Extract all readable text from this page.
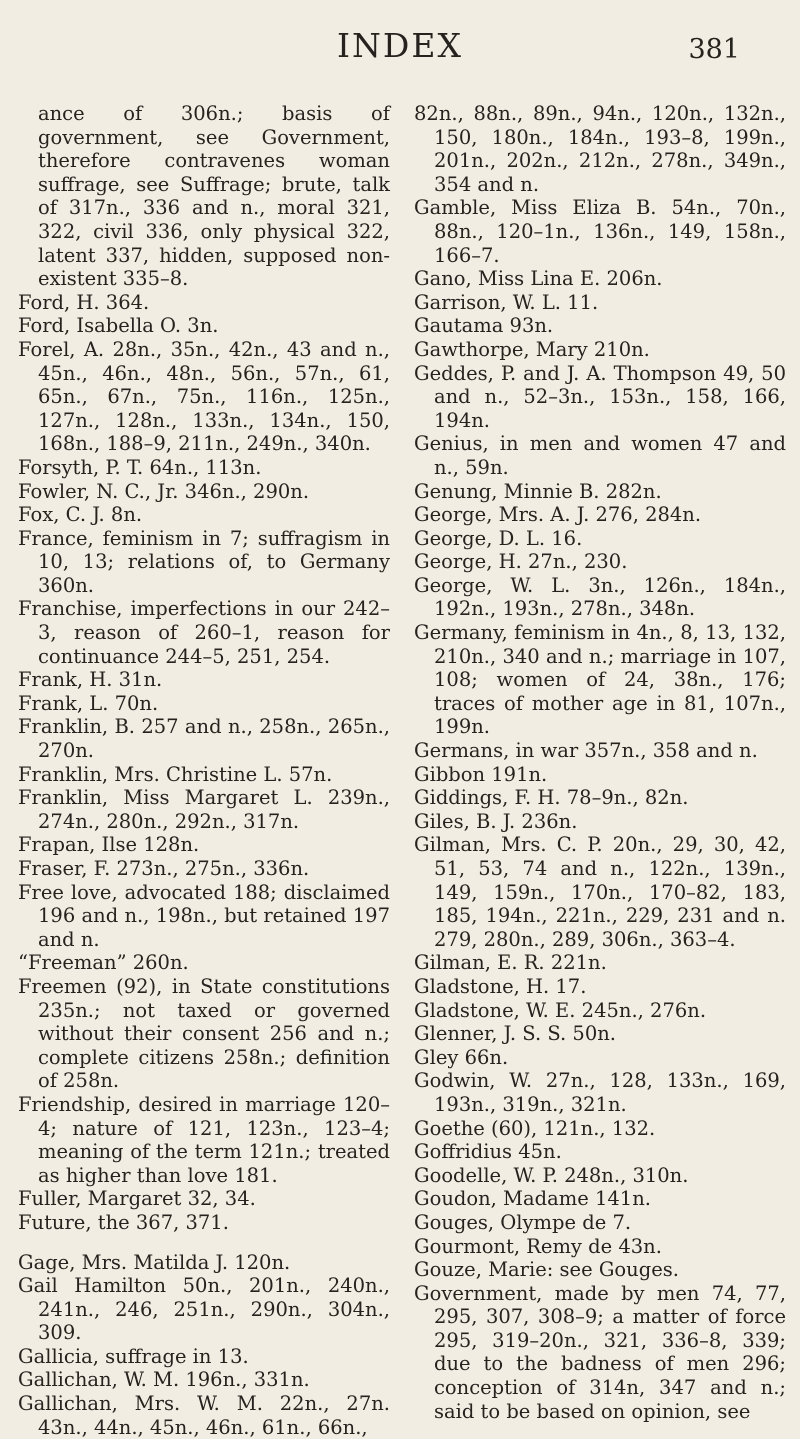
INDEX	381
ance of 306n.; basis of government, see Government, therefore contravenes woman suffrage, see Suffrage; brute, talk of 317n., 336 and n., moral 321, 322, civil 336, only physical 322, latent 337, hidden, supposed non-existent 335–8.
Ford, H. 364.
Ford, Isabella O. 3n.
Forel, A. 28n., 35n., 42n., 43 and n., 45n., 46n., 48n., 56n., 57n., 61, 65n., 67n., 75n., 116n., 125n., 127n., 128n., 133n., 134n., 150, 168n., 188–9, 211n., 249n., 340n.
Forsyth, P. T. 64n., 113n.
Fowler, N. C., Jr. 346n., 290n.
Fox, C. J. 8n.
France, feminism in 7; suffragism in 10, 13; relations of, to Germany 360n.
Franchise, imperfections in our 242–3, reason of 260–1, reason for continuance 244–5, 251, 254.
Frank, H. 31n.
Frank, L. 70n.
Franklin, B. 257 and n., 258n., 265n., 270n.
Franklin, Mrs. Christine L. 57n.
Franklin, Miss Margaret L. 239n., 274n., 280n., 292n., 317n.
Frapan, Ilse 128n.
Fraser, F. 273n., 275n., 336n.
Free love, advocated 188; disclaimed 196 and n., 198n., but retained 197 and n.
“Freeman” 260n.
Freemen (92), in State constitutions 235n.; not taxed or governed without their consent 256 and n.; complete citizens 258n.; definition of 258n.
Friendship, desired in marriage 120–4; nature of 121, 123n., 123–4; meaning of the term 121n.; treated as higher than love 181.
Fuller, Margaret 32, 34.
Future, the 367, 371.
Gage, Mrs. Matilda J. 120n.
Gail Hamilton 50n., 201n., 240n., 241n., 246, 251n., 290n., 304n., 309.
Gallicia, suffrage in 13.
Gallichan, W. M. 196n., 331n.
Gallichan, Mrs. W. M. 22n., 27n. 43n., 44n., 45n., 46n., 61n., 66n.,
82n., 88n., 89n., 94n., 120n., 132n., 150, 180n., 184n., 193–8, 199n., 201n., 202n., 212n., 278n., 349n., 354 and n.
Gamble, Miss Eliza B. 54n., 70n., 88n., 120–1n., 136n., 149, 158n., 166–7.
Gano, Miss Lina E. 206n.
Garrison, W. L. 11.
Gautama 93n.
Gawthorpe, Mary 210n.
Geddes, P. and J. A. Thompson 49, 50 and n., 52–3n., 153n., 158, 166, 194n.
Genius, in men and women 47 and n., 59n.
Genung, Minnie B. 282n.
George, Mrs. A. J. 276, 284n.
George, D. L. 16.
George, H. 27n., 230.
George, W. L. 3n., 126n., 184n., 192n., 193n., 278n., 348n.
Germany, feminism in 4n., 8, 13, 132, 210n., 340 and n.; marriage in 107, 108; women of 24, 38n., 176; traces of mother age in 81, 107n., 199n.
Germans, in war 357n., 358 and n.
Gibbon 191n.
Giddings, F. H. 78–9n., 82n.
Giles, B. J. 236n.
Gilman, Mrs. C. P. 20n., 29, 30, 42, 51, 53, 74 and n., 122n., 139n., 149, 159n., 170n., 170–82, 183, 185, 194n., 221n., 229, 231 and n. 279, 280n., 289, 306n., 363–4.
Gilman, E. R. 221n.
Gladstone, H. 17.
Gladstone, W. E. 245n., 276n.
Glenner, J. S. S. 50n.
Gley 66n.
Godwin, W. 27n., 128, 133n., 169, 193n., 319n., 321n.
Goethe (60), 121n., 132.
Goffridius 45n.
Goodelle, W. P. 248n., 310n.
Goudon, Madame 141n.
Gouges, Olympe de 7.
Gourmont, Remy de 43n.
Gouze, Marie: see Gouges.
Government, made by men 74, 77, 295, 307, 308–9; a matter of force 295, 319–20n., 321, 336–8, 339; due to the badness of men 296; conception of 314n, 347 and n.; said to be based on opinion, see
